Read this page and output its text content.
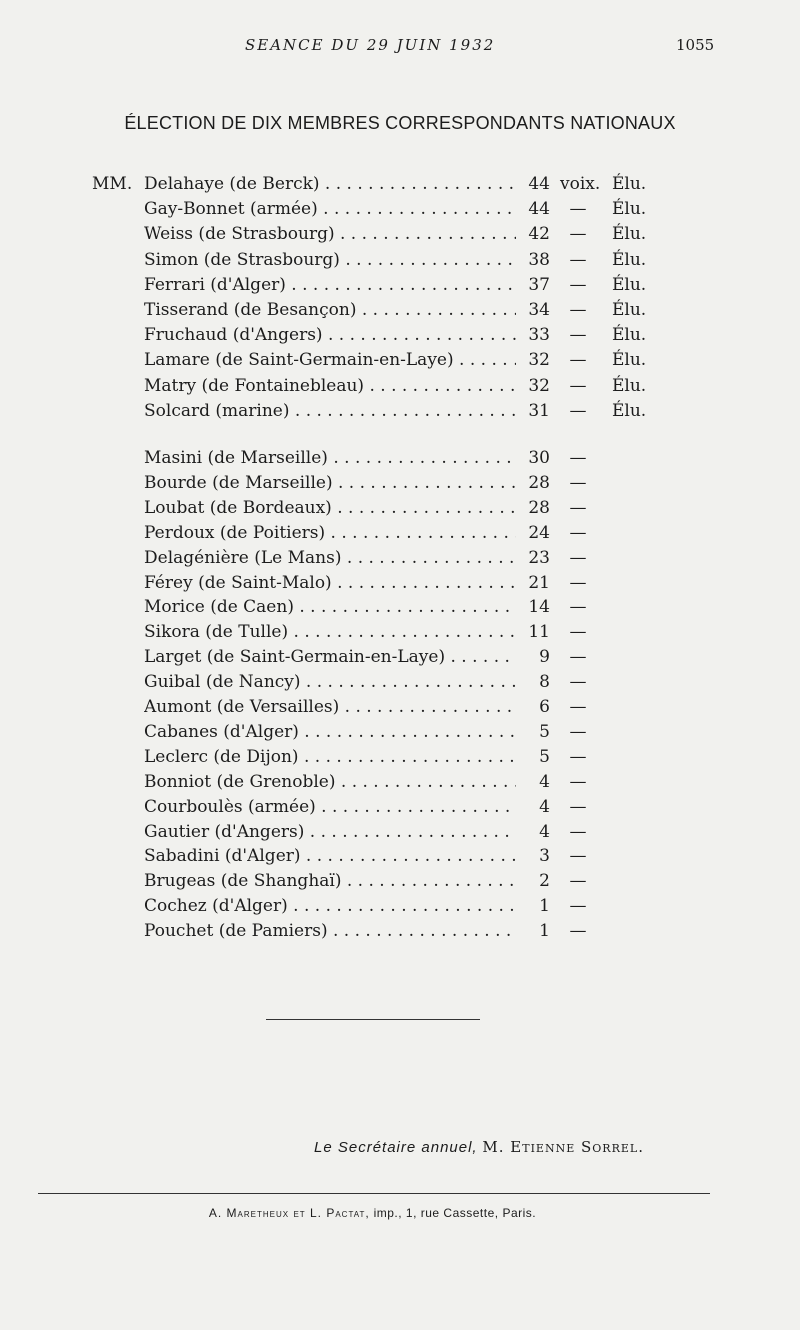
SEANCE DU 29 JUIN 1932	1055
ÉLECTION DE DIX MEMBRES CORRESPONDANTS NATIONAUX
MM. Delahaye (de Berck) . . .	44 voix. Élu.
Gay-Bonnet (armée) . . .	44	—	Élu.
Weiss (de Strasbourg) . . .	42	—	Élu.
Simon (de Strasbourg) . . .	38	—	Élu.
Ferrari (d'Alger) . . .	37	—	Élu.
Tisserand (de Besançon) . . .	34	—	Élu.
Fruchaud (d'Angers) . . .	33	—	Élu.
Lamare (de Saint-Germain-en-Laye) . . .	32	—	Élu.
Matry (de Fontainebleau) . . .	32	—	Élu.
Solcard (marine) . . .	31	—	Élu.
Masini (de Marseille) . . .	30	—
Bourde (de Marseille) . . .	28	—
Loubat (de Bordeaux) . . .	28	—
Perdoux (de Poitiers) . . .	24	—
Delagénière (Le Mans) . . .	23	—
Férey (de Saint-Malo) . . .	21	—
Morice (de Caen) . . .	14	—
Sikora (de Tulle) . . .	11	—
Larget (de Saint-Germain-en-Laye) . . .	9	—
Guibal (de Nancy) . . .	8	—
Aumont (de Versailles) . . .	6	—
Cabanes (d'Alger) . . .	5	—
Leclerc (de Dijon) . . .	5	—
Bonniot (de Grenoble) . . .	4	—
Courboulès (armée) . . .	4	—
Gautier (d'Angers) . . .	4	—
Sabadini (d'Alger) . . .	3	—
Brugeas (de Shanghaï) . . .	2	—
Cochez (d'Alger) . . .	1	—
Pouchet (de Pamiers) . . .	1	—
Le Secrétaire annuel, M. Etienne Sorrel.
A. Maretheux et L. Pactat, imp., 1, rue Cassette, Paris.
